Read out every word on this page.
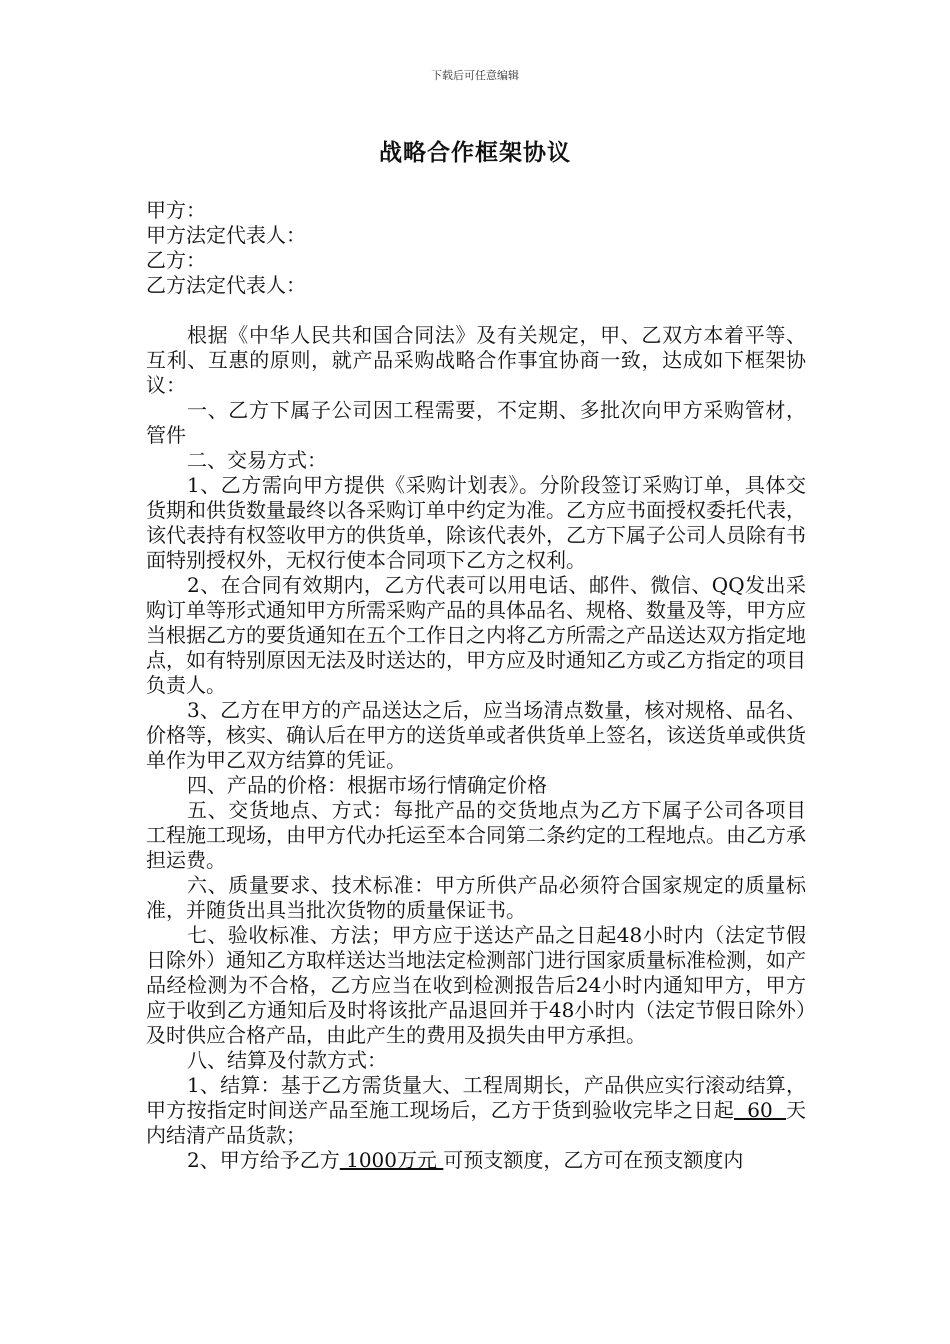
下载后可任意编辑
战略合作框架协议
甲方：
甲方法定代表人：
乙方：
乙方法定代表人：

根据《中华人民共和国合同法》及有关规定，甲、乙双方本着平等、互利、互惠的原则，就产品采购战略合作事宜协商一致，达成如下框架协议：

一、乙方下属子公司因工程需要，不定期、多批次向甲方采购管材，管件

二、交易方式：

1、乙方需向甲方提供《采购计划表》。分阶段签订采购订单，具体交货期和供货数量最终以各采购订单中约定为准。乙方应书面授权委托代表，该代表持有权签收甲方的供货单，除该代表外，乙方下属子公司人员除有书面特别授权外，无权行使本合同项下乙方之权利。

2、在合同有效期内，乙方代表可以用电话、邮件、微信、QQ发出采购订单等形式通知甲方所需采购产品的具体品名、规格、数量及等，甲方应当根据乙方的要货通知在五个工作日之内将乙方所需之产品送达双方指定地点，如有特别原因无法及时送达的，甲方应及时通知乙方或乙方指定的项目负责人。

3、乙方在甲方的产品送达之后，应当场清点数量，核对规格、品名、价格等，核实、确认后在甲方的送货单或者供货单上签名，该送货单或供货单作为甲乙双方结算的凭证。

四、产品的价格：根据市场行情确定价格

五、交货地点、方式：每批产品的交货地点为乙方下属子公司各项目工程施工现场，由甲方代办托运至本合同第二条约定的工程地点。由乙方承担运费。

六、质量要求、技术标准：甲方所供产品必须符合国家规定的质量标准，并随货出具当批次货物的质量保证书。

七、验收标准、方法；甲方应于送达产品之日起48小时内（法定节假日除外）通知乙方取样送达当地法定检测部门进行国家质量标准检测，如产品经检测为不合格，乙方应当在收到检测报告后24小时内通知甲方，甲方应于收到乙方通知后及时将该批产品退回并于48小时内（法定节假日除外）及时供应合格产品，由此产生的费用及损失由甲方承担。

八、结算及付款方式：

1、结算：基于乙方需货量大、工程周期长，产品供应实行滚动结算，甲方按指定时间送产品至施工现场后，乙方于货到验收完毕之日起  60  天内结清产品货款；

2、甲方给予乙方 1000万元 可预支额度，乙方可在预支额度内
